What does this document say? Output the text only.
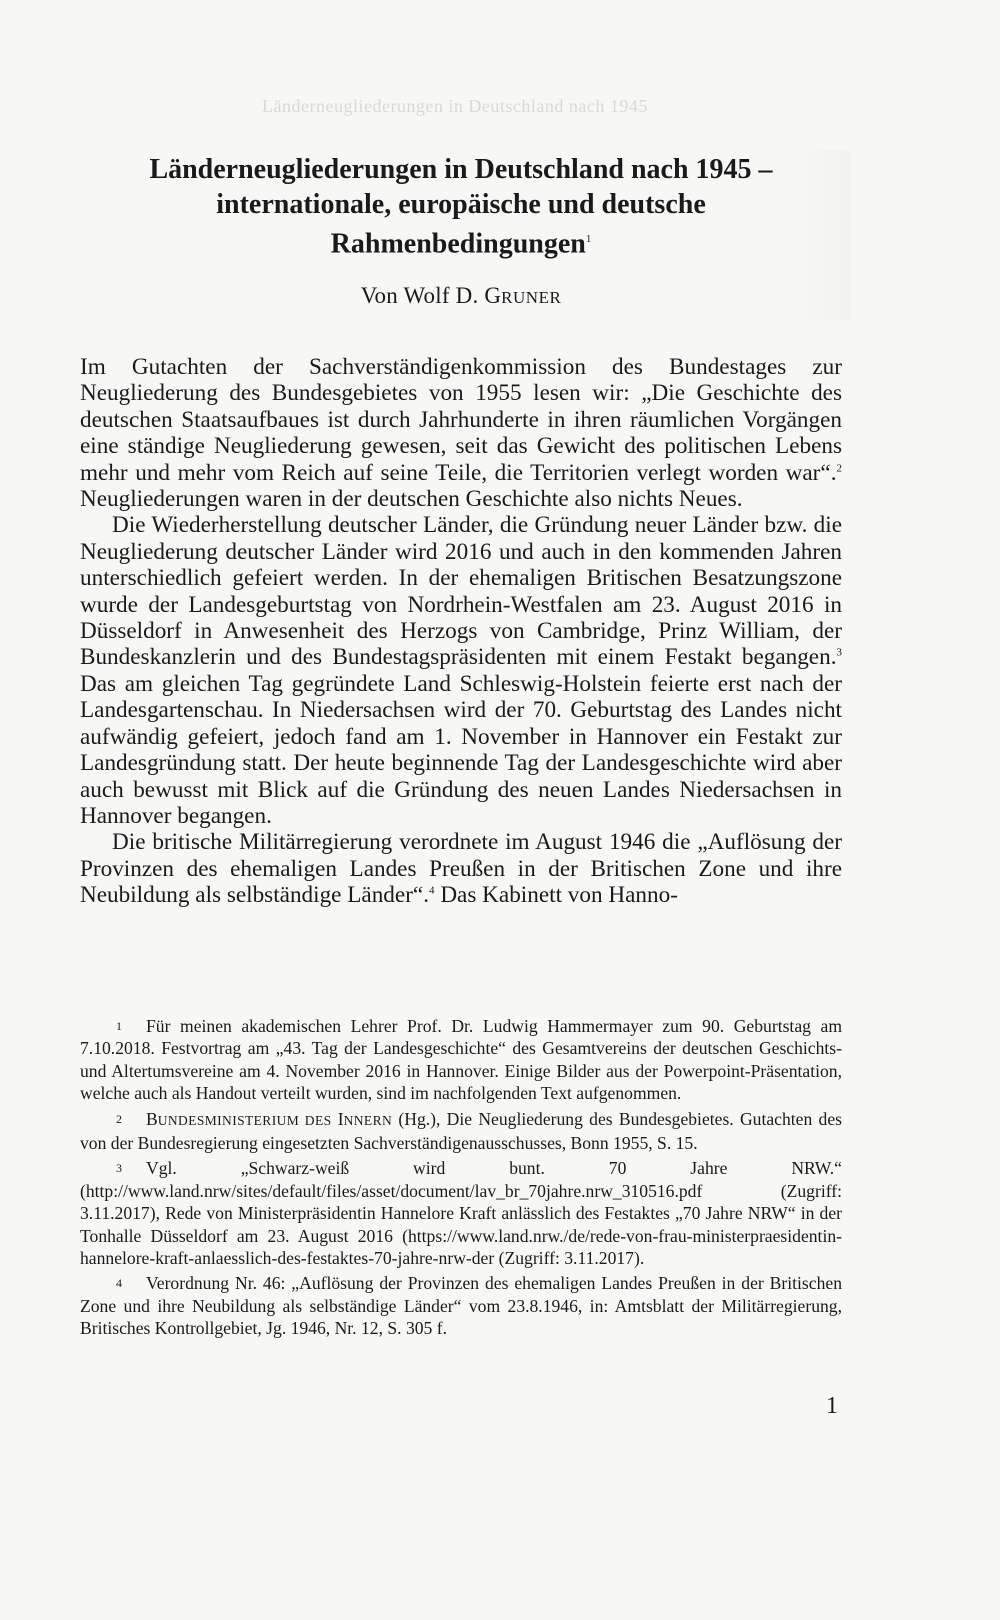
Länderneugliederungen in Deutschland nach 1945
Länderneugliederungen in Deutschland nach 1945 –
internationale, europäische und deutsche
Rahmenbedingungen$^1$
Von Wolf D. GRUNER

Im Gutachten der Sachverständigenkommission des Bundestages zur Neugliederung des Bundesgebietes von 1955 lesen wir: „Die Geschichte des deutschen Staatsaufbaues ist durch Jahrhunderte in ihren räumlichen Vorgängen eine ständige Neugliederung gewesen, seit das Gewicht des politischen Lebens mehr und mehr vom Reich auf seine Teile, die Territorien verlegt worden war“.$^2$ Neugliederungen waren in der deutschen Geschichte also nichts Neues.

Die Wiederherstellung deutscher Länder, die Gründung neuer Länder bzw. die Neugliederung deutscher Länder wird 2016 und auch in den kommenden Jahren unterschiedlich gefeiert werden. In der ehemaligen Britischen Besatzungszone wurde der Landesgeburtstag von Nordrhein-Westfalen am 23. August 2016 in Düsseldorf in Anwesenheit des Herzogs von Cambridge, Prinz William, der Bundeskanzlerin und des Bundestagspräsidenten mit einem Festakt begangen.$^3$ Das am gleichen Tag gegründete Land Schleswig-Holstein feierte erst nach der Landesgartenschau. In Niedersachsen wird der 70. Geburtstag des Landes nicht aufwändig gefeiert, jedoch fand am 1. November in Hannover ein Festakt zur Landesgründung statt. Der heute beginnende Tag der Landesgeschichte wird aber auch bewusst mit Blick auf die Gründung des neuen Landes Niedersachsen in Hannover begangen.

Die britische Militärregierung verordnete im August 1946 die „Auflösung der Provinzen des ehemaligen Landes Preußen in der Britischen Zone und ihre Neubildung als selbständige Länder“.$^4$ Das Kabinett von Hanno-

1 Für meinen akademischen Lehrer Prof. Dr. Ludwig Hammermayer zum 90. Geburtstag am 7.10.2018. Festvortrag am „43. Tag der Landesgeschichte“ des Gesamtvereins der deutschen Geschichts- und Altertumsvereine am 4. November 2016 in Hannover. Einige Bilder aus der Powerpoint-Präsentation, welche auch als Handout verteilt wurden, sind im nachfolgenden Text aufgenommen.

2 BUNDESMINISTERIUM DES INNERN (Hg.), Die Neugliederung des Bundesgebietes. Gutachten des von der Bundesregierung eingesetzten Sachverständigenausschusses, Bonn 1955, S. 15.

3 Vgl. „Schwarz-weiß wird bunt. 70 Jahre NRW.“ (http://www.land.nrw/sites/default/files/asset/document/lav_br_70jahre.nrw_310516.pdf (Zugriff: 3.11.2017), Rede von Ministerpräsidentin Hannelore Kraft anlässlich des Festaktes „70 Jahre NRW“ in der Tonhalle Düsseldorf am 23. August 2016 (https://www.land.nrw./de/rede-von-frau-ministerpraesidentin-hannelore-kraft-anlaesslich-des-festaktes-70-jahre-nrw-der (Zugriff: 3.11.2017).

4 Verordnung Nr. 46: „Auflösung der Provinzen des ehemaligen Landes Preußen in der Britischen Zone und ihre Neubildung als selbständige Länder“ vom 23.8.1946, in: Amtsblatt der Militärregierung, Britisches Kontrollgebiet, Jg. 1946, Nr. 12, S. 305 f.

1
